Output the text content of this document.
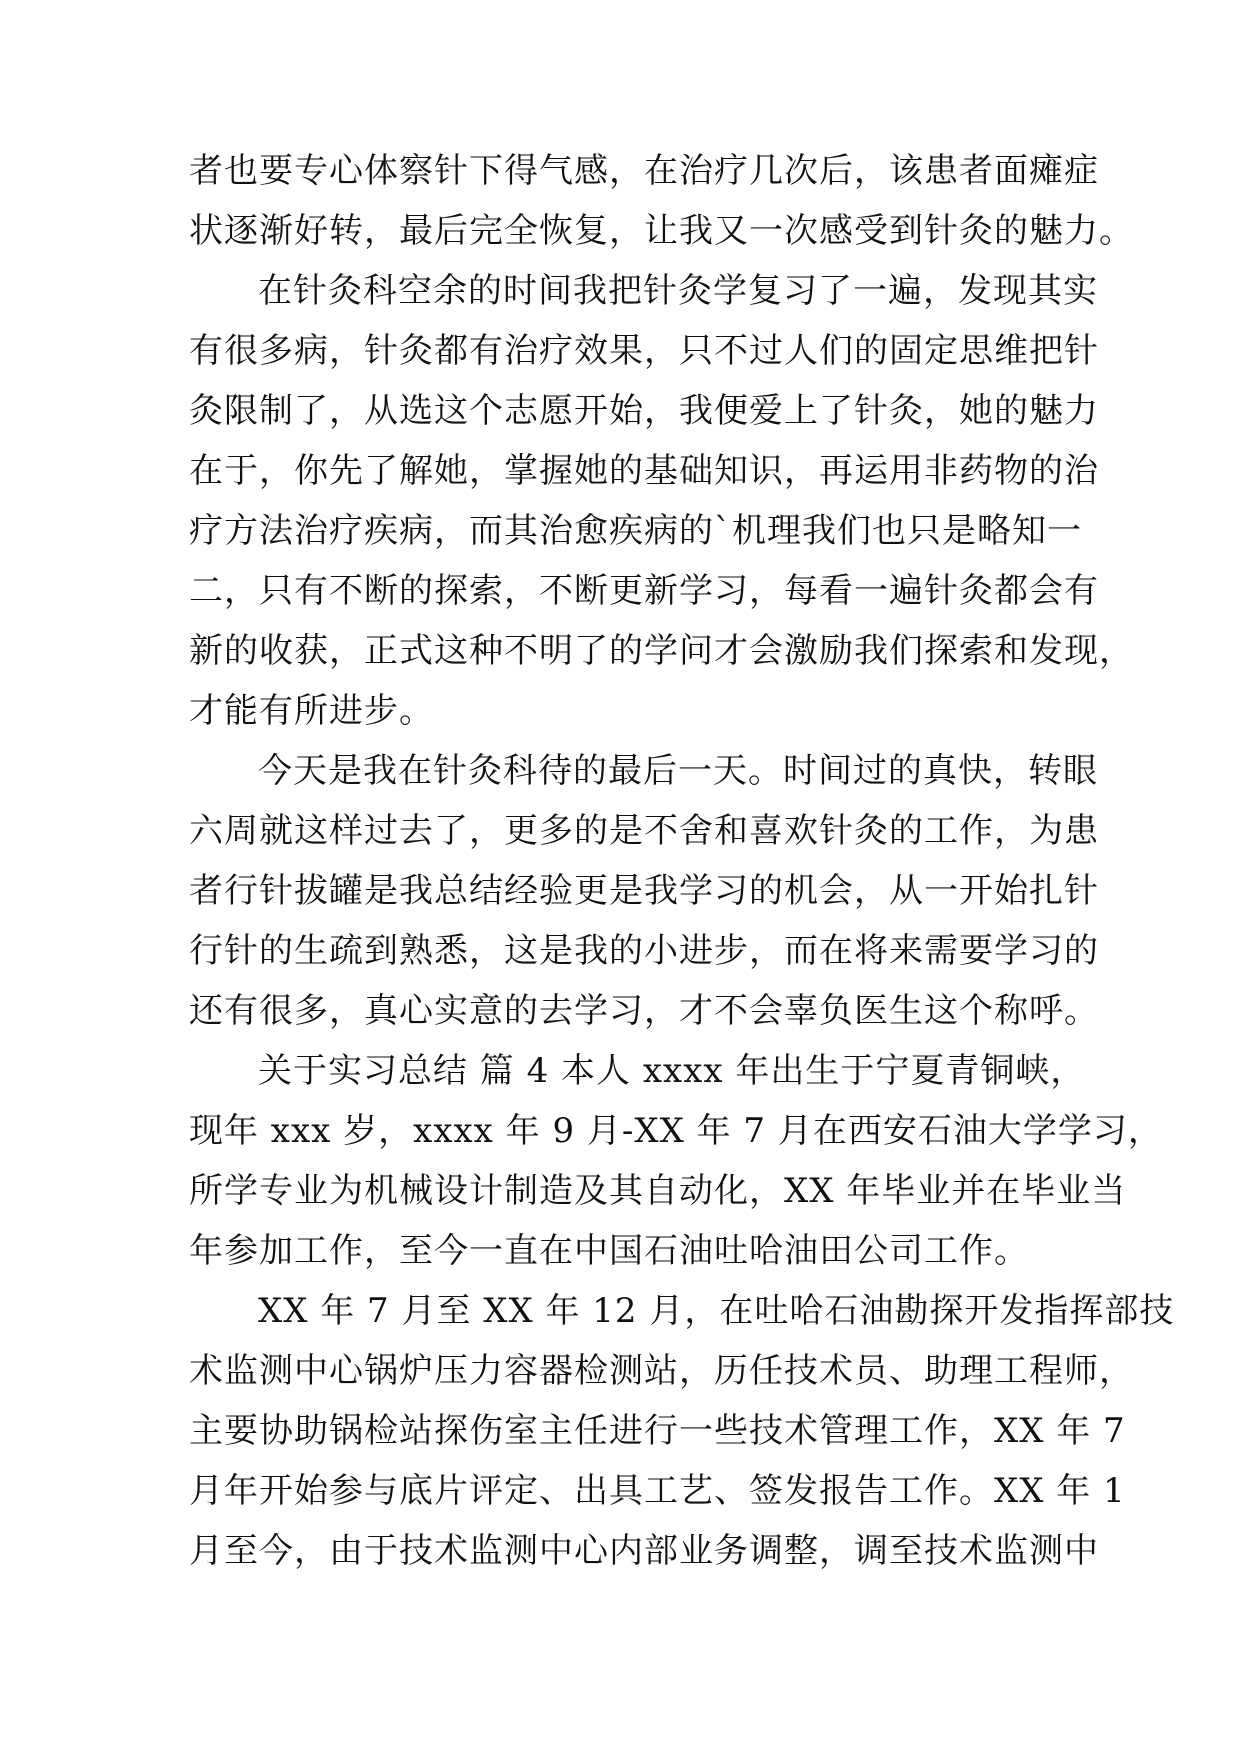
者也要专心体察针下得气感，在治疗几次后，该患者面瘫症
状逐渐好转，最后完全恢复，让我又一次感受到针灸的魅力。
在针灸科空余的时间我把针灸学复习了一遍，发现其实
有很多病，针灸都有治疗效果，只不过人们的固定思维把针
灸限制了，从选这个志愿开始，我便爱上了针灸，她的魅力
在于，你先了解她，掌握她的基础知识，再运用非药物的治
疗方法治疗疾病，而其治愈疾病的`机理我们也只是略知一
二，只有不断的探索，不断更新学习，每看一遍针灸都会有
新的收获，正式这种不明了的学问才会激励我们探索和发现，
才能有所进步。
今天是我在针灸科待的最后一天。时间过的真快，转眼
六周就这样过去了，更多的是不舍和喜欢针灸的工作，为患
者行针拔罐是我总结经验更是我学习的机会，从一开始扎针
行针的生疏到熟悉，这是我的小进步，而在将来需要学习的
还有很多，真心实意的去学习，才不会辜负医生这个称呼。
关于实习总结 篇 4 本人 xxxx 年出生于宁夏青铜峡，
现年 xxx 岁，xxxx 年 9 月-XX 年 7 月在西安石油大学学习，
所学专业为机械设计制造及其自动化，XX 年毕业并在毕业当
年参加工作，至今一直在中国石油吐哈油田公司工作。
XX 年 7 月至 XX 年 12 月，在吐哈石油勘探开发指挥部技
术监测中心锅炉压力容器检测站，历任技术员、助理工程师，
主要协助锅检站探伤室主任进行一些技术管理工作，XX 年 7
月年开始参与底片评定、出具工艺、签发报告工作。XX 年 1
月至今，由于技术监测中心内部业务调整，调至技术监测中
